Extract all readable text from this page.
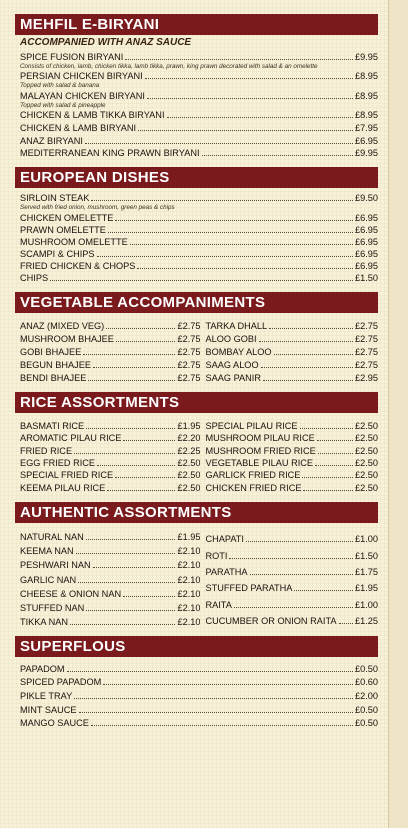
MEHFIL E-BIRYANI
ACCOMPANIED WITH ANAZ SAUCE
SPICE FUSION BIRYANI	£9.95
Consists of chicken, lamb, chicken tikka, lamb tikka, prawn, king prawn decorated with salad & an omelette
PERSIAN CHICKEN BIRYANI	£8.95
Topped with salad & banana
MALAYAN CHICKEN BIRYANI	£8.95
Topped with salad & pineapple
CHICKEN & LAMB TIKKA BIRYANI	£8.95
CHICKEN & LAMB BIRYANI	£7.95
ANAZ BIRYANI	£6.95
MEDITERRANEAN KING PRAWN BIRYANI	£9.95
EUROPEAN DISHES
SIRLOIN STEAK	£9.50
Served with fried onion, mushroom, green peas & chips
CHICKEN OMELETTE	£6.95
PRAWN OMELETTE	£6.95
MUSHROOM OMELETTE	£6.95
SCAMPI & CHIPS	£6.95
FRIED CHICKEN & CHOPS	£6.95
CHIPS	£1.50
VEGETABLE ACCOMPANIMENTS
ANAZ (MIXED VEG)	£2.75
MUSHROOM BHAJEE	£2.75
GOBI BHAJEE	£2.75
BEGUN BHAJEE	£2.75
BENDI BHAJEE	£2.75
TARKA DHALL	£2.75
ALOO GOBI	£2.75
BOMBAY ALOO	£2.75
SAAG ALOO	£2.75
SAAG PANIR	£2.95
RICE ASSORTMENTS
BASMATI RICE	£1.95
AROMATIC PILAU RICE	£2.20
FRIED RICE	£2.25
EGG FRIED RICE	£2.50
SPECIAL FRIED RICE	£2.50
KEEMA PILAU RICE	£2.50
SPECIAL PILAU RICE	£2.50
MUSHROOM PILAU RICE	£2.50
MUSHROOM FRIED RICE	£2.50
VEGETABLE PILAU RICE	£2.50
GARLICK FRIED RICE	£2.50
CHICKEN FRIED RICE	£2.50
AUTHENTIC ASSORTMENTS
NATURAL NAN	£1.95
KEEMA NAN	£2.10
PESHWARI NAN	£2.10
GARLIC NAN	£2.10
CHEESE & ONION NAN	£2.10
STUFFED NAN	£2.10
TIKKA NAN	£2.10
CHAPATI	£1.00
ROTI	£1.50
PARATHA	£1.75
STUFFED PARATHA	£1.95
RAITA	£1.00
CUCUMBER OR ONION RAITA £1.25
SUPERFLOUS
PAPADOM	£0.50
SPICED PAPADOM	£0.60
PIKLE TRAY	£2.00
MINT SAUCE	£0.50
MANGO SAUCE	£0.50
